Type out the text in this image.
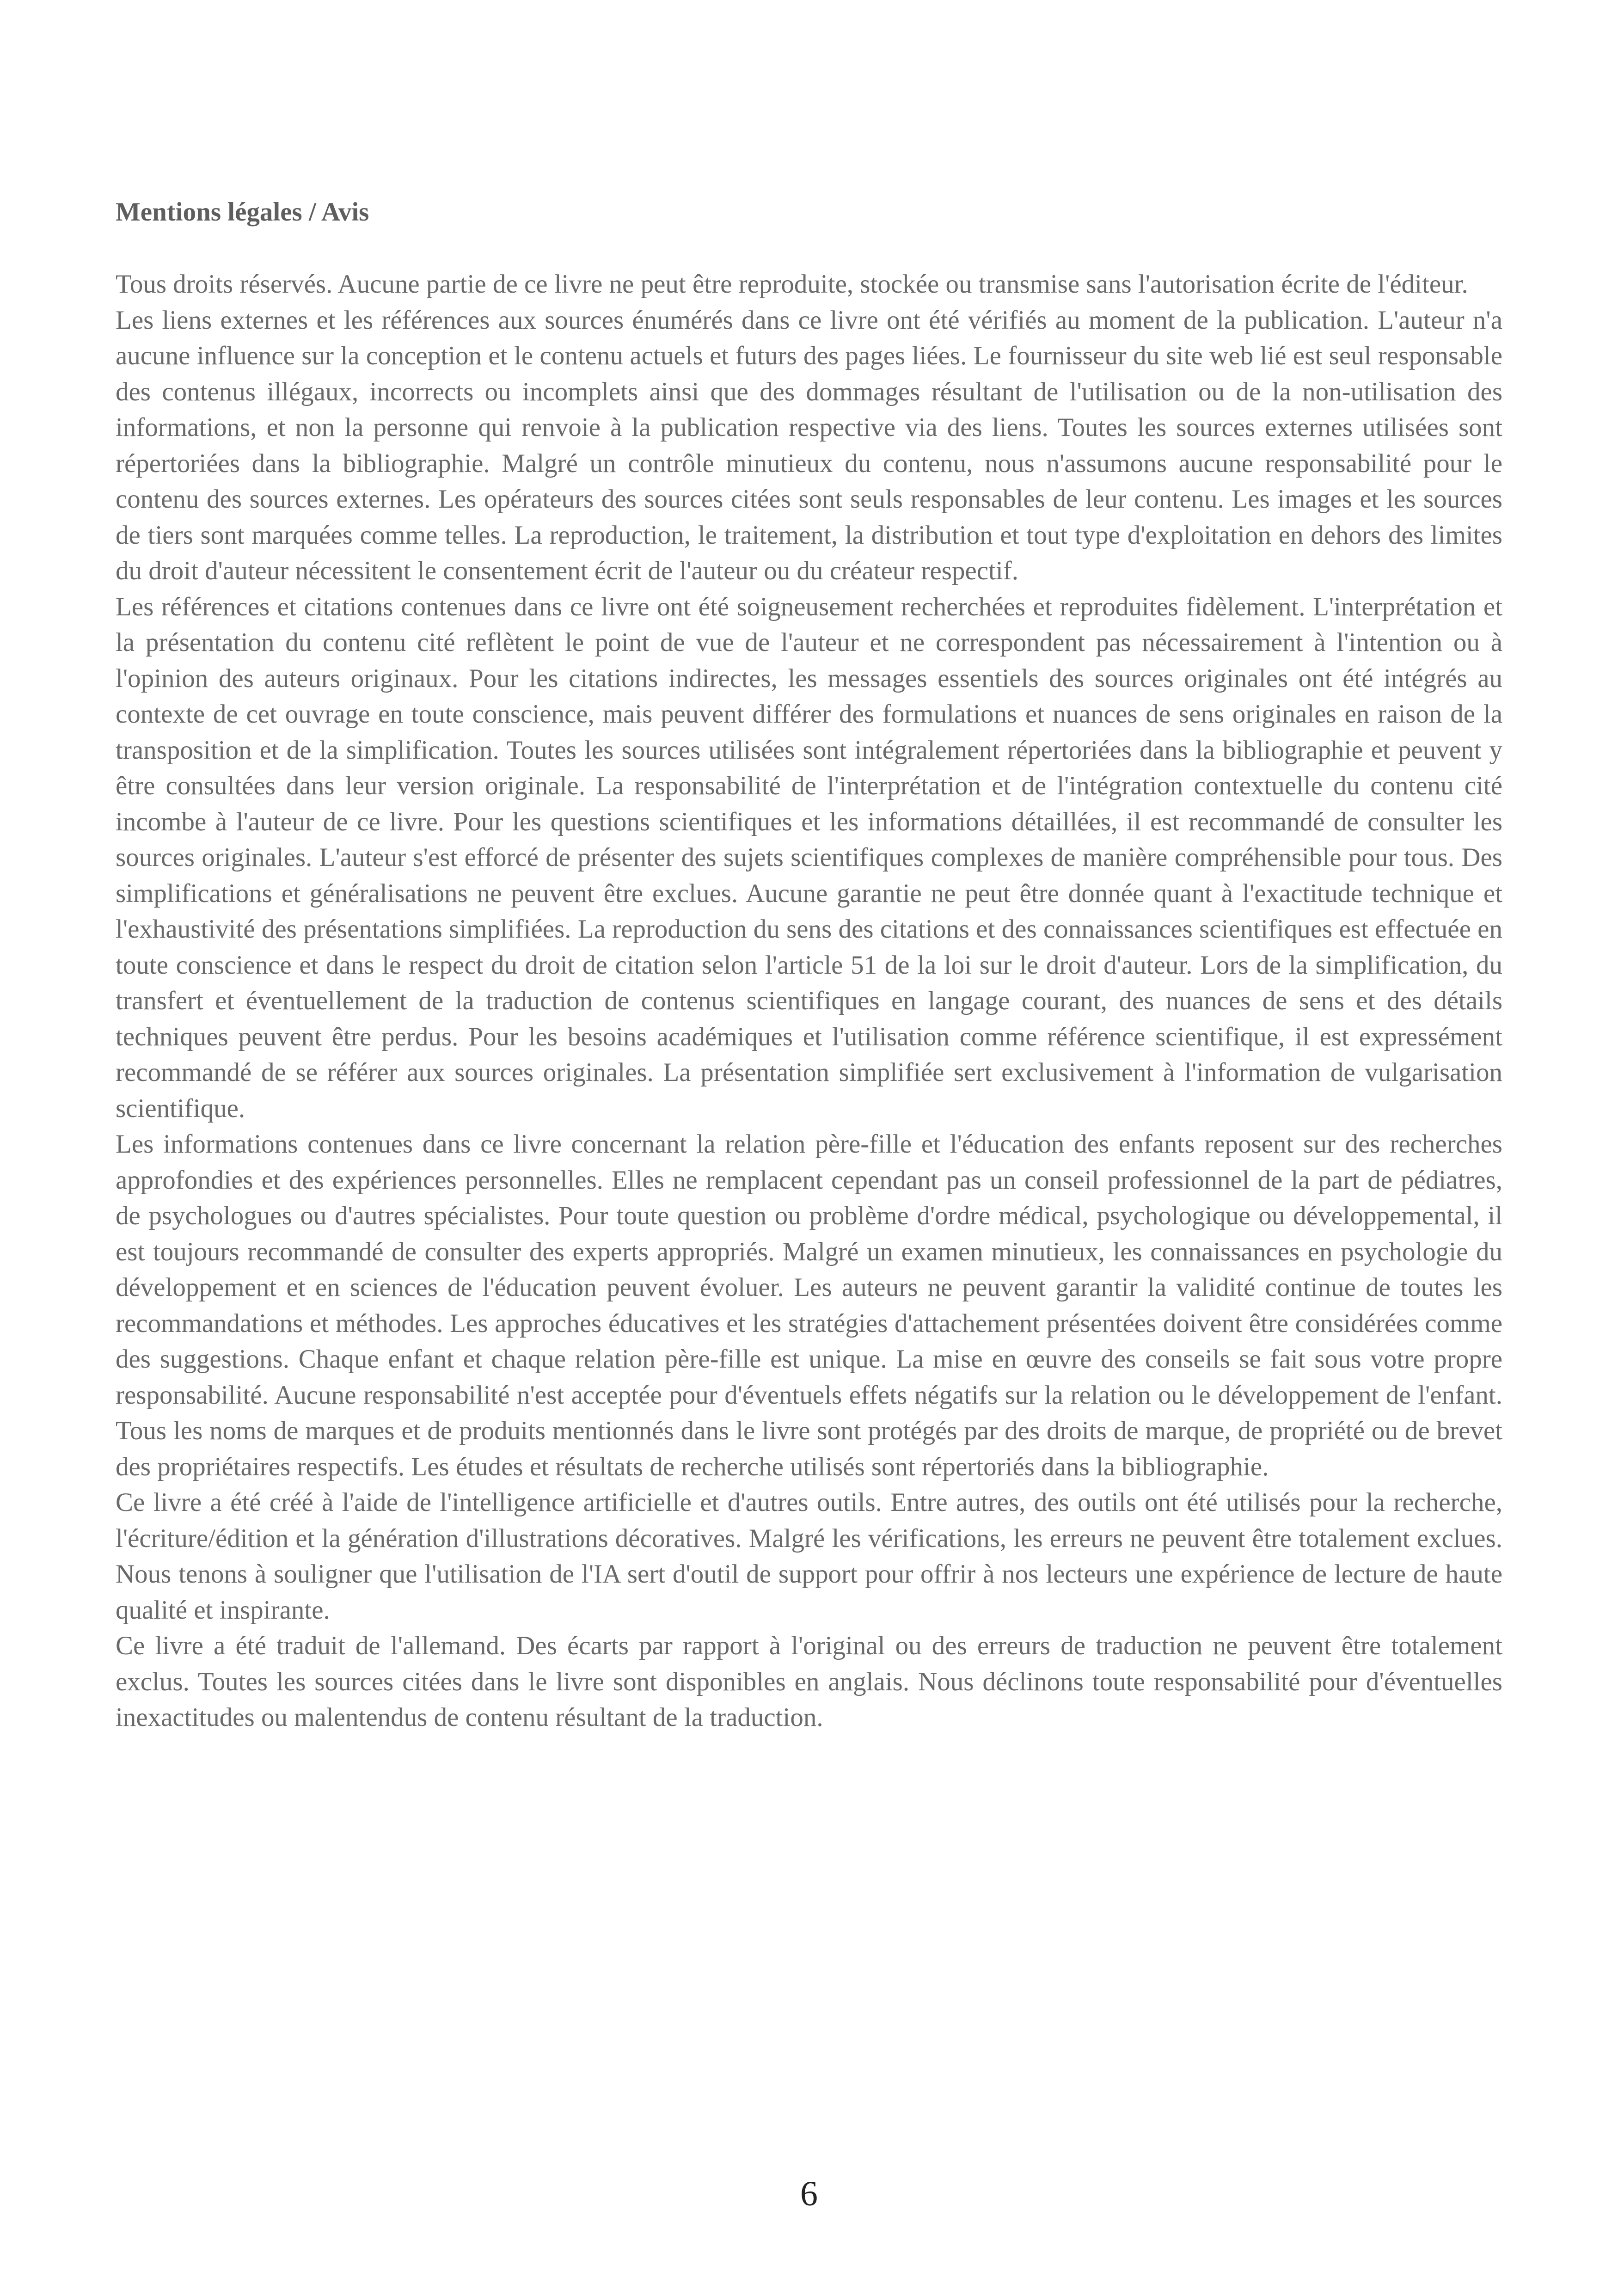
Mentions légales / Avis

Tous droits réservés. Aucune partie de ce livre ne peut être reproduite, stockée ou transmise sans l'autorisation écrite de l'éditeur.

Les liens externes et les références aux sources énumérés dans ce livre ont été vérifiés au moment de la publication. L'auteur n'a aucune influence sur la conception et le contenu actuels et futurs des pages liées. Le fournisseur du site web lié est seul responsable des contenus illégaux, incorrects ou incomplets ainsi que des dommages résultant de l'utilisation ou de la non-utilisation des informations, et non la personne qui renvoie à la publication respective via des liens. Toutes les sources externes utilisées sont répertoriées dans la bibliographie. Malgré un contrôle minutieux du contenu, nous n'assumons aucune responsabilité pour le contenu des sources externes. Les opérateurs des sources citées sont seuls responsables de leur contenu. Les images et les sources de tiers sont marquées comme telles. La reproduction, le traitement, la distribution et tout type d'exploitation en dehors des limites du droit d'auteur nécessitent le consentement écrit de l'auteur ou du créateur respectif.

Les références et citations contenues dans ce livre ont été soigneusement recherchées et reproduites fidèlement. L'interprétation et la présentation du contenu cité reflètent le point de vue de l'auteur et ne correspondent pas nécessairement à l'intention ou à l'opinion des auteurs originaux. Pour les citations indirectes, les messages essentiels des sources originales ont été intégrés au contexte de cet ouvrage en toute conscience, mais peuvent différer des formulations et nuances de sens originales en raison de la transposition et de la simplification. Toutes les sources utilisées sont intégralement répertoriées dans la bibliographie et peuvent y être consultées dans leur version originale. La responsabilité de l'interprétation et de l'intégration contextuelle du contenu cité incombe à l'auteur de ce livre. Pour les questions scientifiques et les informations détaillées, il est recommandé de consulter les sources originales. L'auteur s'est efforcé de présenter des sujets scientifiques complexes de manière compréhensible pour tous. Des simplifications et généralisations ne peuvent être exclues. Aucune garantie ne peut être donnée quant à l'exactitude technique et l'exhaustivité des présentations simplifiées. La reproduction du sens des citations et des connaissances scientifiques est effectuée en toute conscience et dans le respect du droit de citation selon l'article 51 de la loi sur le droit d'auteur. Lors de la simplification, du transfert et éventuellement de la traduction de contenus scientifiques en langage courant, des nuances de sens et des détails techniques peuvent être perdus. Pour les besoins académiques et l'utilisation comme référence scientifique, il est expressément recommandé de se référer aux sources originales. La présentation simplifiée sert exclusivement à l'information de vulgarisation scientifique.

Les informations contenues dans ce livre concernant la relation père-fille et l'éducation des enfants reposent sur des recherches approfondies et des expériences personnelles. Elles ne remplacent cependant pas un conseil professionnel de la part de pédiatres, de psychologues ou d'autres spécialistes. Pour toute question ou problème d'ordre médical, psychologique ou développemental, il est toujours recommandé de consulter des experts appropriés. Malgré un examen minutieux, les connaissances en psychologie du développement et en sciences de l'éducation peuvent évoluer. Les auteurs ne peuvent garantir la validité continue de toutes les recommandations et méthodes. Les approches éducatives et les stratégies d'attachement présentées doivent être considérées comme des suggestions. Chaque enfant et chaque relation père-fille est unique. La mise en œuvre des conseils se fait sous votre propre responsabilité. Aucune responsabilité n'est acceptée pour d'éventuels effets négatifs sur la relation ou le développement de l'enfant. Tous les noms de marques et de produits mentionnés dans le livre sont protégés par des droits de marque, de propriété ou de brevet des propriétaires respectifs. Les études et résultats de recherche utilisés sont répertoriés dans la bibliographie.

Ce livre a été créé à l'aide de l'intelligence artificielle et d'autres outils. Entre autres, des outils ont été utilisés pour la recherche, l'écriture/édition et la génération d'illustrations décoratives. Malgré les vérifications, les erreurs ne peuvent être totalement exclues. Nous tenons à souligner que l'utilisation de l'IA sert d'outil de support pour offrir à nos lecteurs une expérience de lecture de haute qualité et inspirante.

Ce livre a été traduit de l'allemand. Des écarts par rapport à l'original ou des erreurs de traduction ne peuvent être totalement exclus. Toutes les sources citées dans le livre sont disponibles en anglais. Nous déclinons toute responsabilité pour d'éventuelles inexactitudes ou malentendus de contenu résultant de la traduction.

6
